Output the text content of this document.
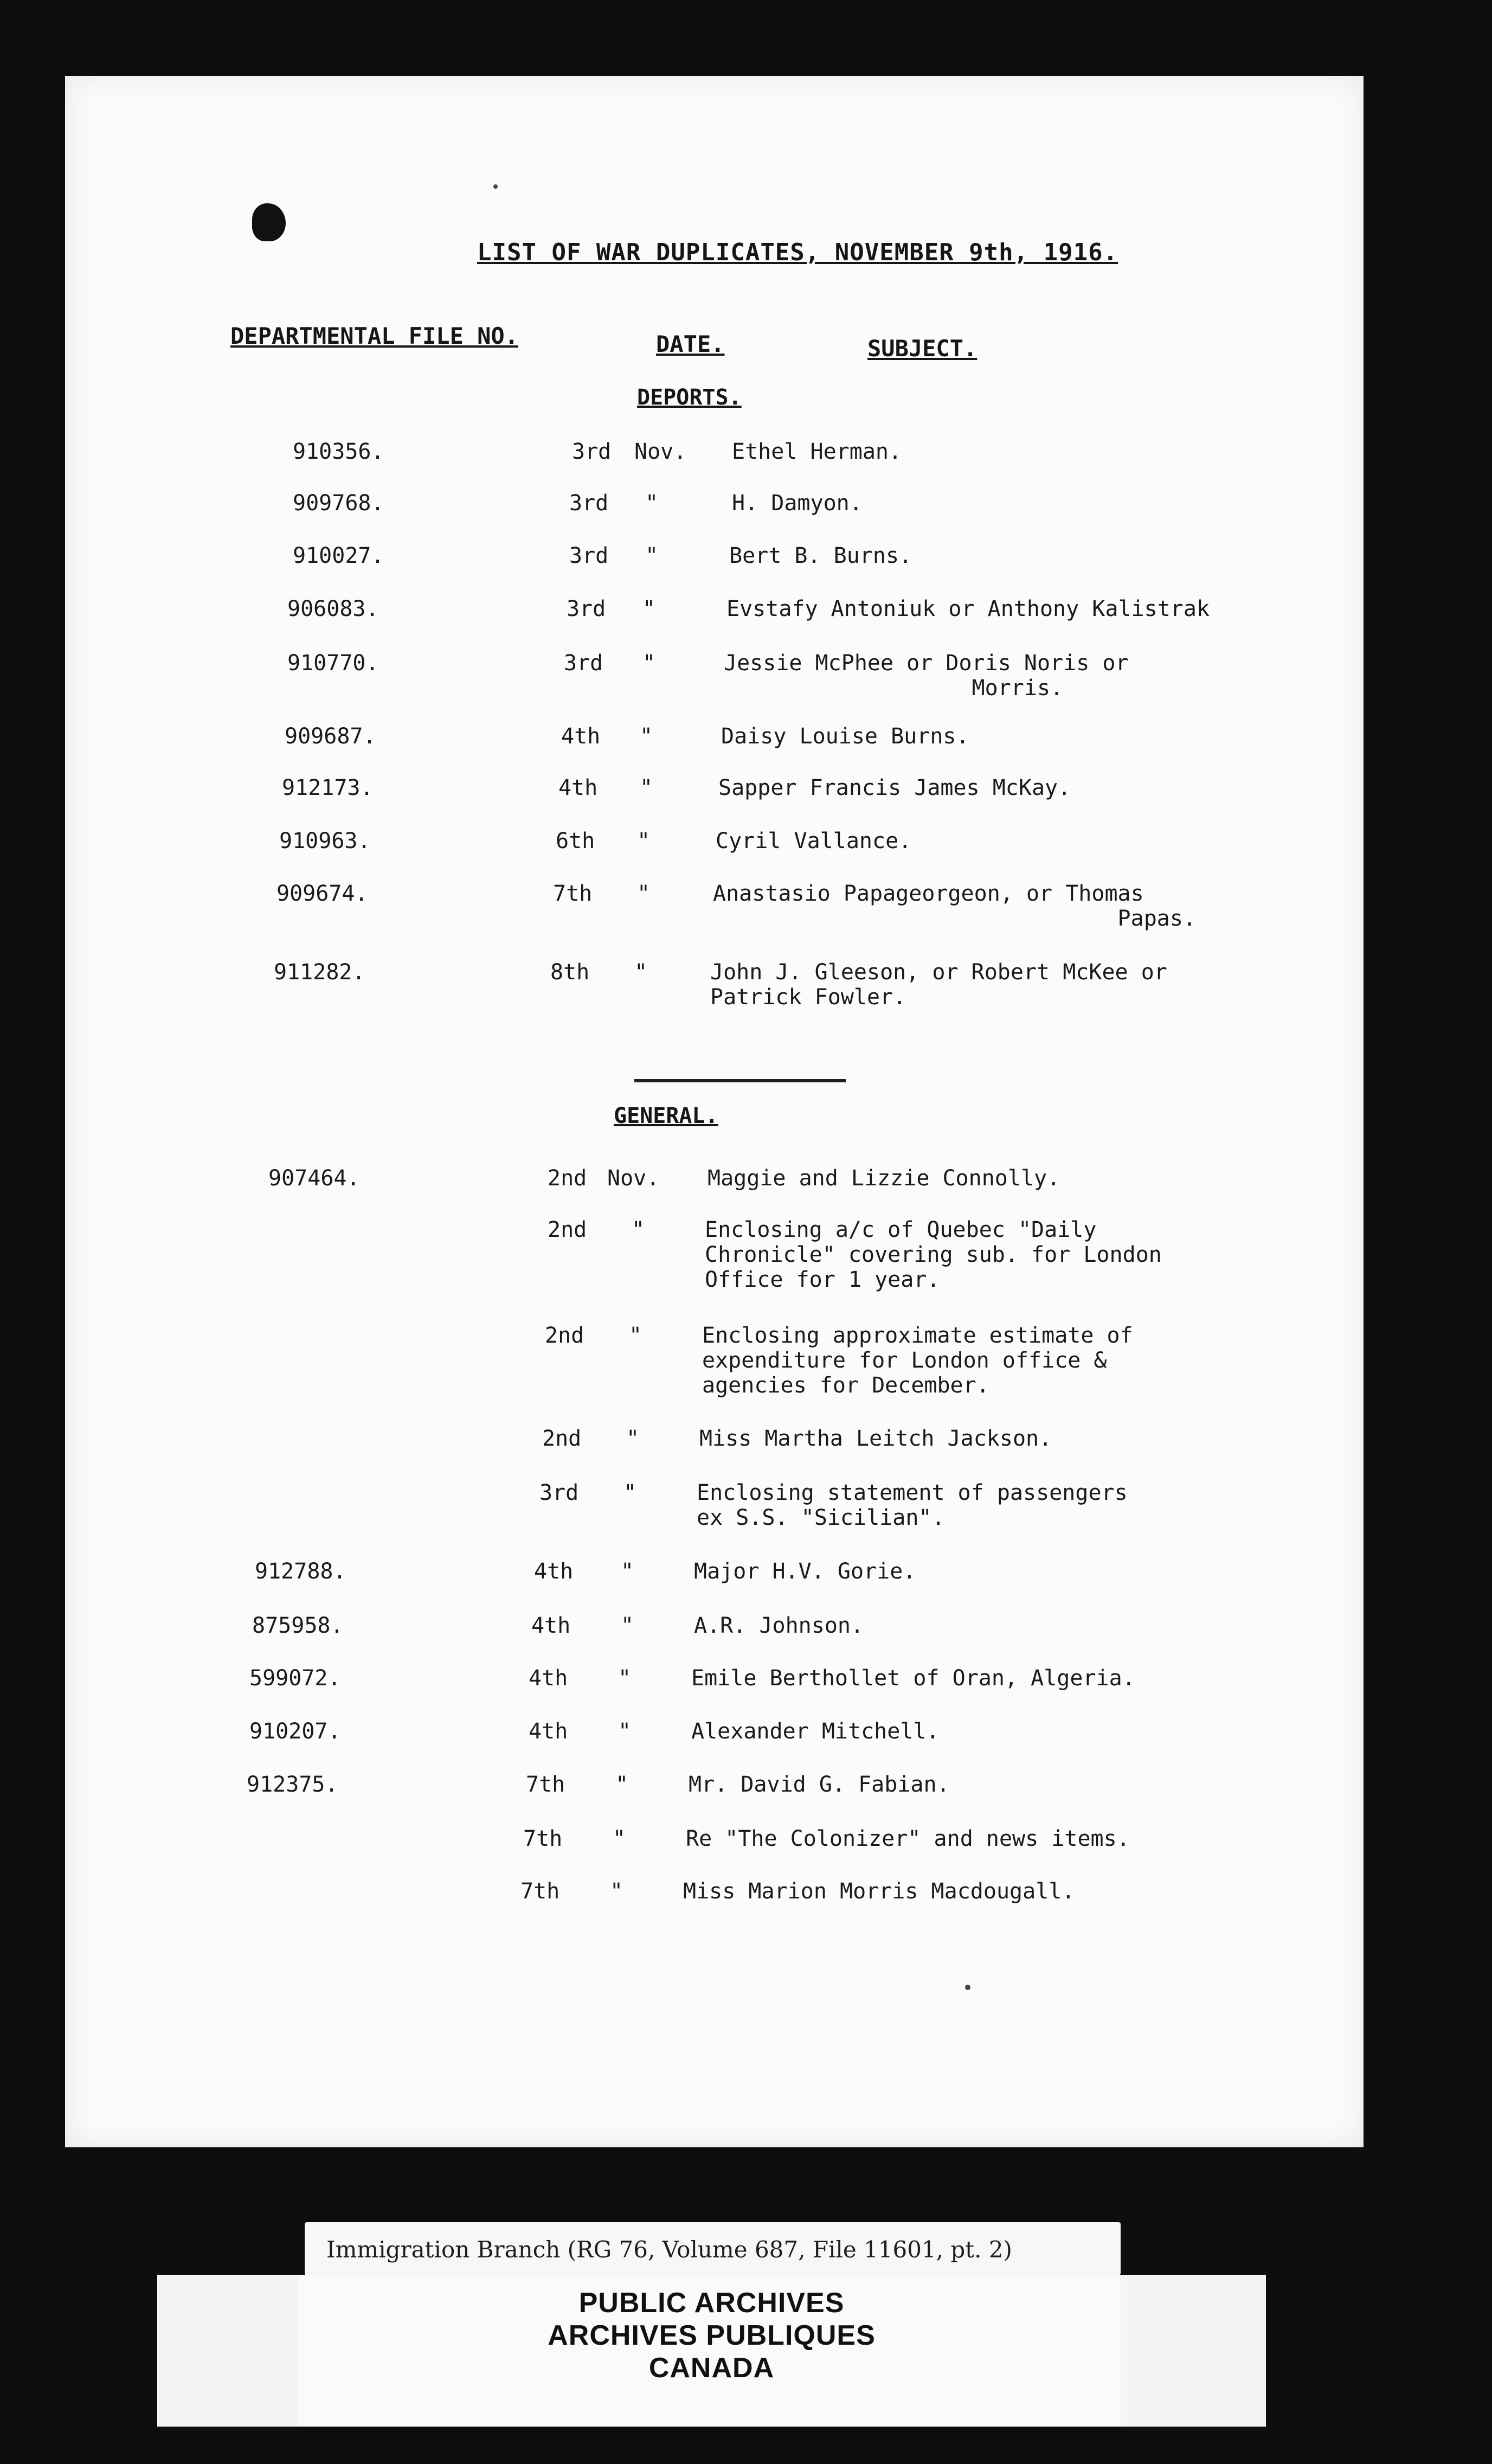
LIST OF WAR DUPLICATES, NOVEMBER 9th, 1916.
DEPARTMENTAL FILE NO.	DATE.	SUBJECT.
DEPORTS.
910356.	3rd Nov. Ethel Herman.
909768.	3rd "	H. Damyon.
910027.	3rd "	Bert B. Burns.
906083.	3rd "	Evstafy Antoniuk or Anthony Kalistrak
910770.	3rd "	Jessie McPhee or Doris Noris or
Morris.
909687.	4th "	Daisy Louise Burns.
912173.	4th "	Sapper Francis James McKay.
910963.	6th "	Cyril Vallance.
909674.	7th "	Anastasio Papageorgeon, or Thomas
Papas.
911282.	8th "	John J. Gleeson, or Robert McKee or
Patrick Fowler.
GENERAL.
907464.	2nd Nov. Maggie and Lizzie Connolly.
2nd "	Enclosing a/c of Quebec "Daily
Chronicle" covering sub. for London
Office for 1 year.
2nd "	Enclosing approximate estimate of
expenditure for London office &
agencies for December.
2nd "	Miss Martha Leitch Jackson.
3rd "	Enclosing statement of passengers
ex S.S. "Sicilian".
912788.	4th "	Major H.V. Gorie.
875958.	4th "	A.R. Johnson.
599072.	4th "	Emile Berthollet of Oran, Algeria.
910207.	4th "	Alexander Mitchell.
912375.	7th "	Mr. David G. Fabian.
7th "	Re "The Colonizer" and news items.
7th "	Miss Marion Morris Macdougall.
Immigration Branch (RG 76, Volume 687, File 11601, pt. 2)
PUBLIC ARCHIVES
ARCHIVES PUBLIQUES
CANADA
